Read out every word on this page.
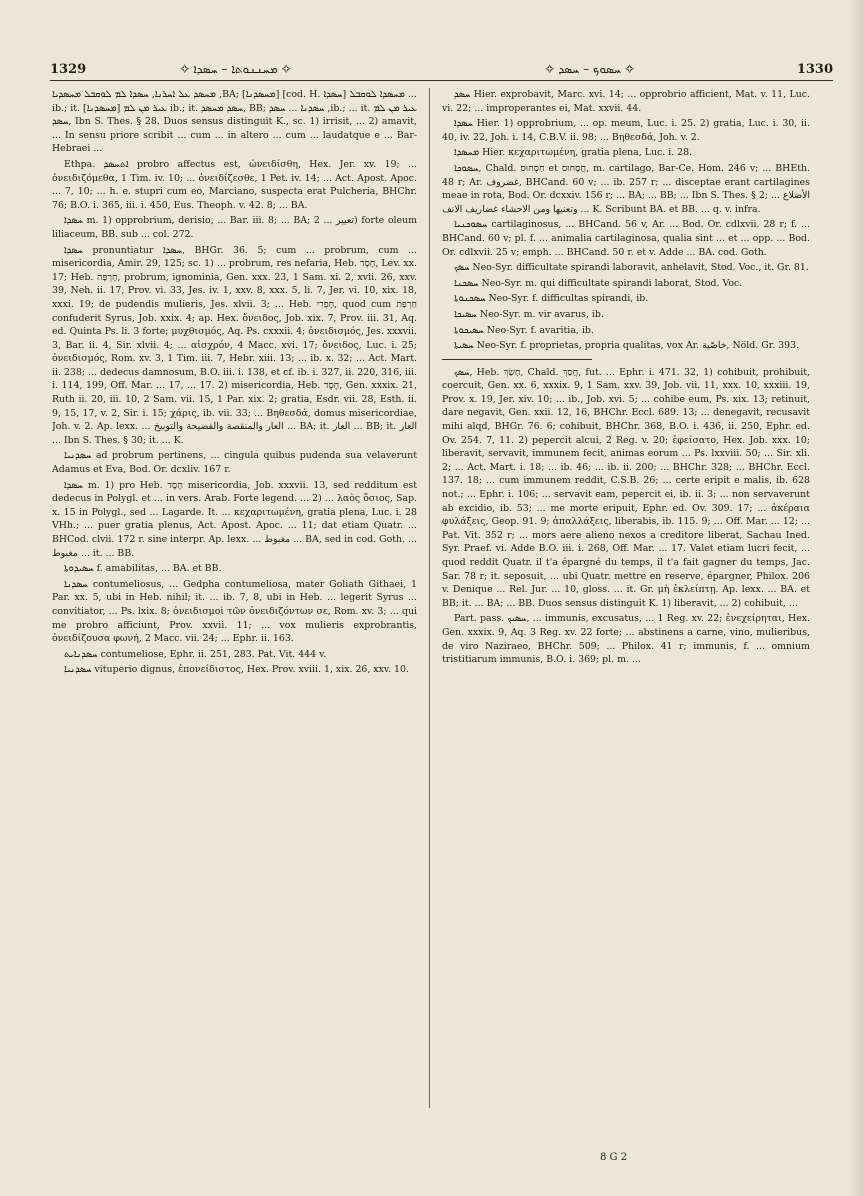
1329	✧ ܡܚܢܢܘܬܐ – ܚܣܕܐ ✧	✧ ܚܣܘܟ – ܚܣܕ ✧	1330

ܡܚܣܕ ܥܠ ܐܚܪܢܐ, ܚܣܕܐ ܠܡ ܠܘܩܒܠ ܡܚܣܕܝܐ ,BA; [ܡܚܣܕܢܐ] [cod. H. ܚܣܕܐ] ܡܚܣܕܐ ܠܘܩܒܠ ... ib.; it. ܥܝܪ ܡܢ ܠܡ [ܡܚܣܕܢܐ] ib.; it. ܚܣܕ ܡܚܣܕ, BB; ܚܣܕܢܐ ... ܚܣܕ ,ib.; ... it. ܥܝܪ ܡܢ ܠܡ ܚܣܕ, Ibn S. Thes. § 28. Duos sensus distinguit K., sc. 1) irrisit, ... 2) amavit, ... In sensu priore scribit ... cum ... in altero ... cum ... laudatque e ... Bar-Hebraei ...

Ethpa. ܐܬܚܣܕ probro affectus est, ὠνειδίσθη, Hex. Jer. xv. 19; ... ὀνειδιζόμεθα, 1 Tim. iv. 10; ... ὀνειδίζεσθε, 1 Pet. iv. 14; ... Act. Apost. Apoc. ... 7, 10; ... h. e. stupri cum eo, Marciano, suspecta erat Pulcheria, BHChr. 76; B.O. i. 365, iii. i. 450, Eus. Theoph. v. 42. 8; ... BA.

ܚܣܕܐ m. 1) opprobrium, derisio, ... Bar. iii. 8; ... BA; تعيير ... 2) forte oleum liliaceum, BB. sub ... col. 272.

ܚܣܕܐ pronuntiatur ܚܣܕܐ, BHGr. 36. 5; cum ... probrum, cum ... misericordia, Amir. 29, 125; sc. 1) ... probrum, res nefaria, Heb. חֶסֶד, Lev. xx. 17; Heb. חֶרְפָּה, probrum, ignominia, Gen. xxx. 23, 1 Sam. xi. 2, xvii. 26, xxv. 39, Neh. ii. 17, Prov. vi. 33, Jes. iv. 1, xxv. 8, xxx. 5, li. 7, Jer. vi. 10, xix. 18, xxxi. 19; de pudendis mulieris, Jes. xlvii. 3; ... Heb. חָפְרִי, quod cum חַרְפַּת confuderit Syrus, Job. xxix. 4; ap. Hex. ὄνειδος, Job. xix. 7, Prov. iii. 31, Aq. ed. Quinta Ps. li. 3 forte; μυχθισμός, Aq. Ps. cxxxii. 4; ὀνειδισμός, Jes. xxxvii. 3, Bar. ii. 4, Sir. xlvii. 4; ... αἰσχρόν, 4 Macc. xvi. 17; ὄνειδος, Luc. i. 25; ὀνειδισμός, Rom. xv. 3, 1 Tim. iii. 7, Hebr. xiii. 13; ... ib. x. 32; ... Act. Mart. ii. 238; ... dedecus damnosum, B.O. iii. i. 138, et cf. ib. i. 327, ii. 220, 316, iii. i. 114, 199, Off. Mar. ... 17, ... 17. 2) misericordia, Heb. חֶסֶד, Gen. xxxix. 21, Ruth ii. 20, iii. 10, 2 Sam. vii. 15, 1 Par. xix. 2; gratia, Esdr. vii. 28, Esth. ii. 9, 15, 17, v. 2, Sir. i. 15; χάρις, ib. vii. 33; ... Βηθεσδά, domus misericordiae, Joh. v. 2. Ap. lexx. ... العار والمنقصة والفضيحة والتوبيخ ... BA; it. العار ... BB; it. العار ... Ibn S. Thes. § 30; it. ... K.

ܚܣܕܢܝܐ ad probrum pertinens, ... cingula quibus pudenda sua velaverunt Adamus et Eva, Bod. Or. dcxliv. 167 r.

ܚܣܕܐ m. 1) pro Heb. חֶסֶד misericordia, Job. xxxvii. 13, sed redditum est dedecus in Polygl. et ... in vers. Arab. Forte legend. ... 2) ... λαὸς ὅσιος, Sap. x. 15 in Polygl., sed ... Lagarde. It. ... κεχαριτωμένη, gratia plena, Luc. i. 28 VHh.; ... puer gratia plenus, Act. Apost. Apoc. ... 11; dat etiam Quatr. ... BHCod. clvii. 172 r. sine interpr. Ap. lexx. ... مغبوط ... BA, sed in cod. Goth. ... مغبوط ... it. ... BB.

ܚܣܝܕܘܬܐ f. amabilitas, ... BA. et BB.

ܚܣܕܢܐ contumeliosus, ... Gedpha contumeliosa, mater Goliath Githaei, 1 Par. xx. 5, ubi in Heb. nihil; it. ... ib. 7, 8, ubi in Heb. ... legerit Syrus ... convitiator, ... Ps. lxix. 8; ὀνειδισμοὶ τῶν ὀνειδιζόντων σε, Rom. xv. 3; ... qui me probro afficiunt, Prov. xxvii. 11; ... vox mulieris exprobrantis, ὀνειδίζουσα φωνή, 2 Macc. vii. 24; ... Ephr. ii. 163.

ܚܣܕܢܐܝܬ contumeliose, Ephr. ii. 251, 283. Pat. Vit. 444 v.

ܚܣܕܢܝܐ vituperio dignus, ἐπονείδιστος, Hex. Prov. xviii. 1, xix. 26, xxv. 10.

ܚܣܕ Hier. exprobavit, Marc. xvi. 14; ... opprobrio afficient, Mat. v. 11, Luc. vi. 22; ... improperantes ei, Mat. xxvii. 44.

ܚܣܕܐ Hier. 1) opprobrium, ... op. meum, Luc. i. 25. 2) gratia, Luc. i. 30, ii. 40, iv. 22, Joh. i. 14, C.B.V. ii. 98; ... Βηθεσδά, Joh. v. 2.

ܡܚܣܕܐ Hier. κεχαριτωμένη, gratia plena, Luc. i. 28.

ܚܣܘܟܐ, Chald. חַסְחוּס et חֲסָחוּס, m. cartilago, Bar-Ce. Hom. 246 v; ... BHEth. 48 r; Ar. غضروف, BHCand. 60 v; ... ib. 257 r; ... disceptae erant cartilagines meae in rota, Bod. Or. dcxxiv. 156 r; ... BA; ... BB; ... Ibn S. Thes. § 2; ... الأضلاع وتعنيها ومن الاحشاء غضاريف الانف ... K. Scribunt BA. et BB. ... q. v. infra.

ܚܣܘܟܢܝܐ cartilaginosus, ... BHCand. 56 v, Ar. ... Bod. Or. cdlxvii. 28 r; f. ... BHCand. 60 v; pl. f. ... animalia cartilaginosa, qualia sint ... et ... opp. ... Bod. Or. cdlxvii. 25 v; emph. ... BHCand. 50 r. et v. Adde ... BA. cod. Goth.

ܚܣܟ Neo-Syr. difficultate spirandi laboravit, anhelavit, Stod. Voc., it. Gr. 81.

ܚܣܟܢܐ Neo-Syr. m. qui difficultate spirandi laborat, Stod. Voc.

ܚܣܟܢܘܬܐ Neo-Syr. f. difficultas spirandi, ib.

ܚܣܝܟܐ Neo-Syr. m. vir avarus, ib.

ܚܣܝܟܘܬܐ Neo-Syr. f. avaritia, ib.

ܚܣܝܬܐ Neo-Syr. f. proprietas, propria qualitas, vox Ar. خاصّية, Nöld. Gr. 393.

ܚܣܟ, Heb. חָשַׂךְ, Chald. חֲסַךְ, fut. ... Ephr. i. 471. 32, 1) cohibuit, prohibuit, coercuit, Gen. xx. 6, xxxix. 9, 1 Sam. xxv. 39, Job. vii. 11, xxx. 10, xxxiii. 19, Prov. x. 19, Jer. xiv. 10; ... ib., Job. xvi. 5; ... cohibe eum, Ps. xix. 13; retinuit, dare negavit, Gen. xxii. 12, 16, BHChr. Eccl. 689. 13; ... denegavit, recusavit mihi alqd, BHGr. 76. 6; cohibuit, BHChr. 368, B.O. i. 436, ii. 250, Ephr. ed. Ov. 254. 7, 11. 2) pepercit alcui, 2 Reg. v. 20; ἐφείσατο, Hex. Job. xxx. 10; liberavit, servavit, immunem fecit, animas eorum ... Ps. lxxviii. 50; ... Sir. xli. 2; ... Act. Mart. i. 18; ... ib. 46; ... ib. ii. 200; ... BHChr. 328; ... BHChr. Eccl. 137. 18; ... cum immunem reddit, C.S.B. 26; ... certe eripit e malis, ib. 628 not.; ... Ephr. i. 106; ... servavit eam, pepercit ei, ib. ii. 3; ... non servaverunt ab excidio, ib. 53; ... me morte eripuit, Ephr. ed. Ov. 309. 17; ... ἀκέραια φυλάξεις, Geop. 91. 9; ἀπαλλάξεις, liberabis, ib. 115. 9; ... Off. Mar. ... 12; ... Pat. Vit. 352 r; ... mors aere alieno nexos a creditore liberat, Sachau Ined. Syr. Praef. vi. Adde B.O. iii. i. 268, Off. Mar. ... 17. Valet etiam lucri fecit, ... quod reddit Quatr. il t'a épargné du temps, il t'a fait gagner du temps, Jac. Sar. 78 r; it. seposuit, ... ubi Quatr. mettre en reserve, épargner, Philox. 206 v. Denique ... Rel. Jur. ... 10, gloss. ... it. Gr. μὴ ἐκλείπτῃ. Ap. lexx. ... BA. et BB; it. ... BA; ... BB. Duos sensus distinguit K. 1) liberavit, ... 2) cohibuit, ...

Part. pass. ܚܣܝܟ, ... immunis, excusatus, ... 1 Reg. xv. 22; ἐνεχείρηται, Hex. Gen. xxxix. 9, Aq. 3 Reg. xv. 22 forte; ... abstinens a carne, vino, mulieribus, de viro Naziraeo, BHChr. 509; ... Philox. 41 r; immunis, f. ... omnium tristitiarum immunis, B.O. i. 369; pl. m. ...

8 G 2
